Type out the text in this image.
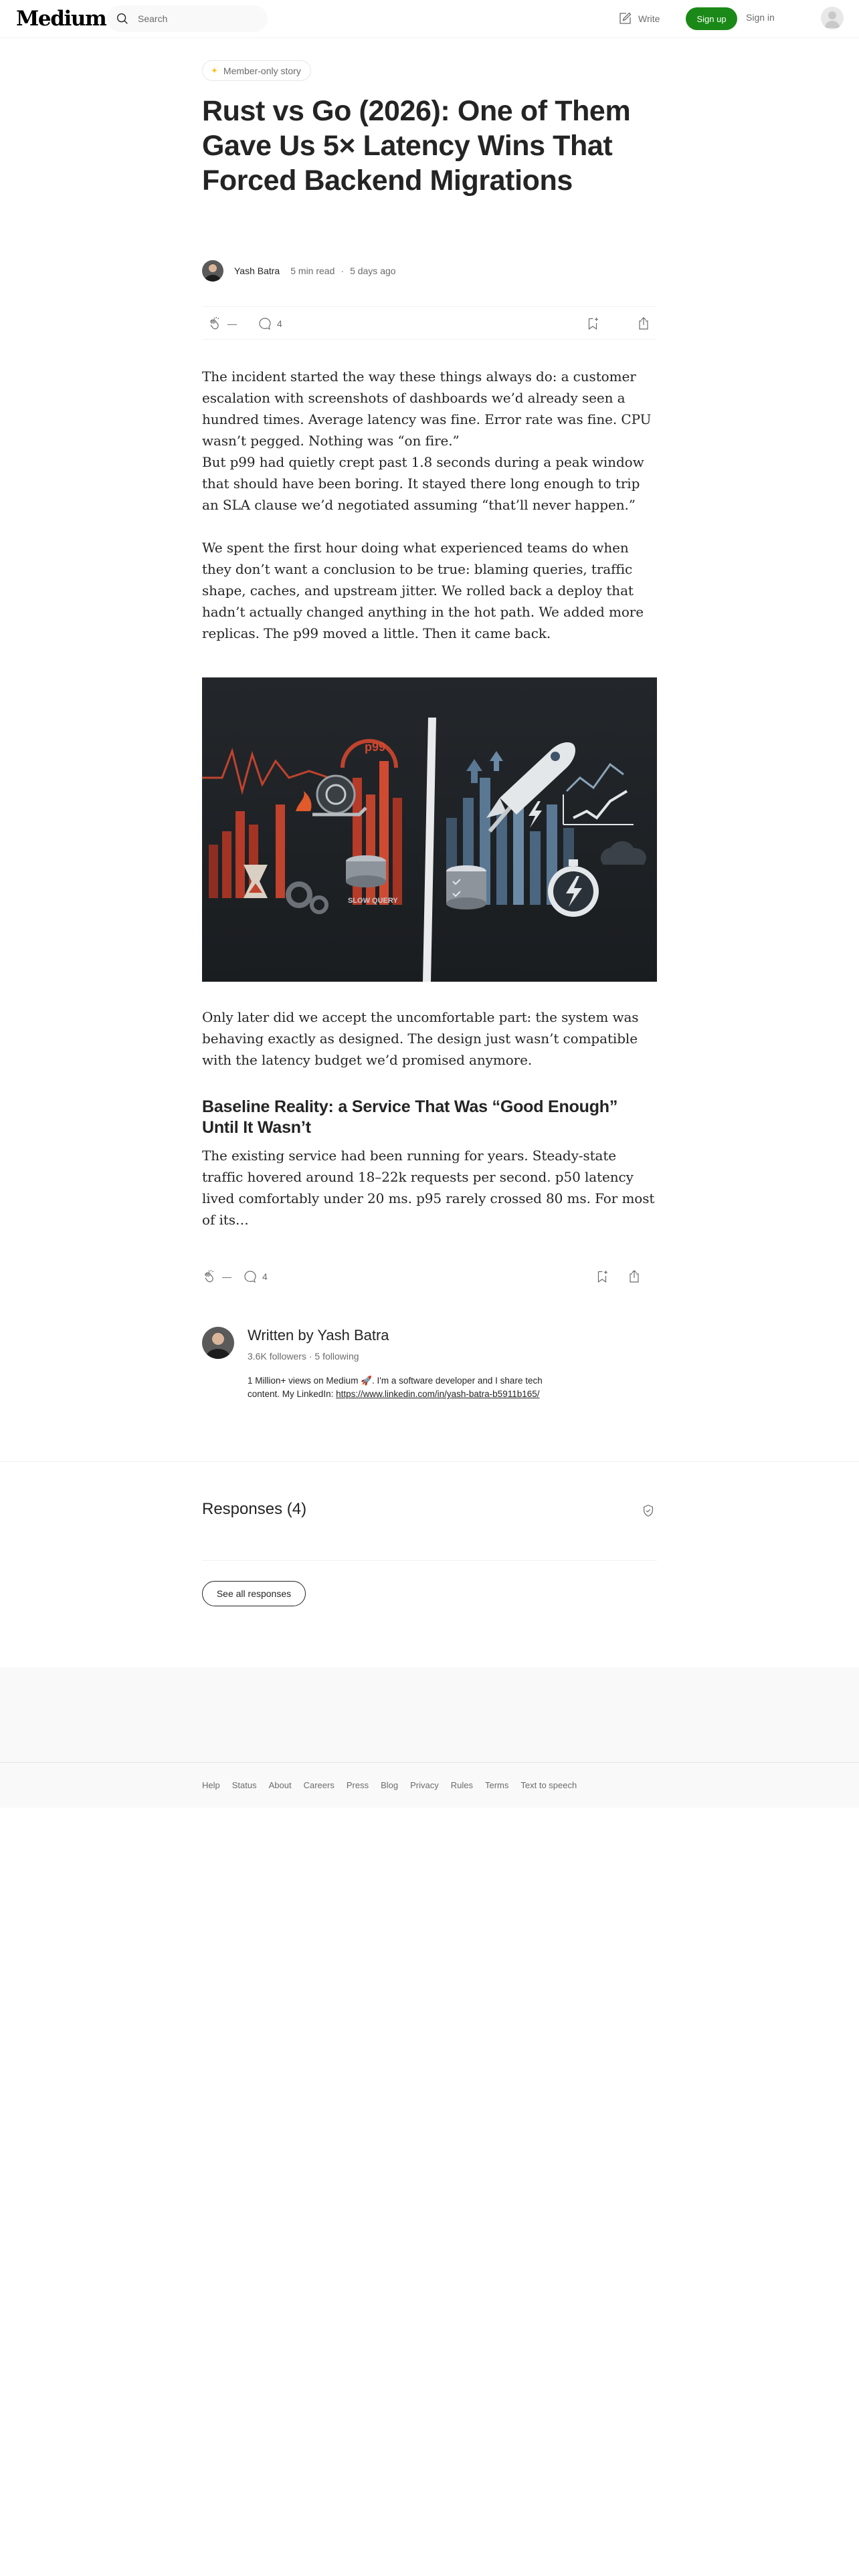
Medium	Search	Write	Sign up	Sign in
✦ Member-only story
Rust vs Go (2026): One of Them Gave Us 5× Latency Wins That Forced Backend Migrations
Yash Batra 5 min read · 5 days ago
—	4

The incident started the way these things always do: a customer escalation with screenshots of dashboards we’d already seen a hundred times. Average latency was fine. Error rate was fine. CPU wasn’t pegged. Nothing was “on fire.”

But p99 had quietly crept past 1.8 seconds during a peak window that should have been boring. It stayed there long enough to trip an SLA clause we’d negotiated assuming “that’ll never happen.”

We spent the first hour doing what experienced teams do when they don’t want a conclusion to be true: blaming queries, traffic shape, caches, and upstream jitter. We rolled back a deploy that hadn’t actually changed anything in the hot path. We added more replicas. The p99 moved a little. Then it came back.

p99
SLOW QUERY

Only later did we accept the uncomfortable part: the system was behaving exactly as designed. The design just wasn’t compatible with the latency budget we’d promised anymore.

Baseline Reality: a Service That Was “Good Enough” Until It Wasn’t

The existing service had been running for years. Steady-state traffic hovered around 18–22k requests per second. p50 latency lived comfortably under 20 ms. p95 rarely crossed 80 ms. For most of its…

—	4
Written by Yash Batra
3.6K followers · 5 following
1 Million+ views on Medium 🚀. I'm a software developer and I share tech content. My LinkedIn: https://www.linkedin.com/in/yash-batra-b5911b165/
Responses (4)
See all responses
Help Status About Careers Press Blog Privacy Rules Terms Text to speech
